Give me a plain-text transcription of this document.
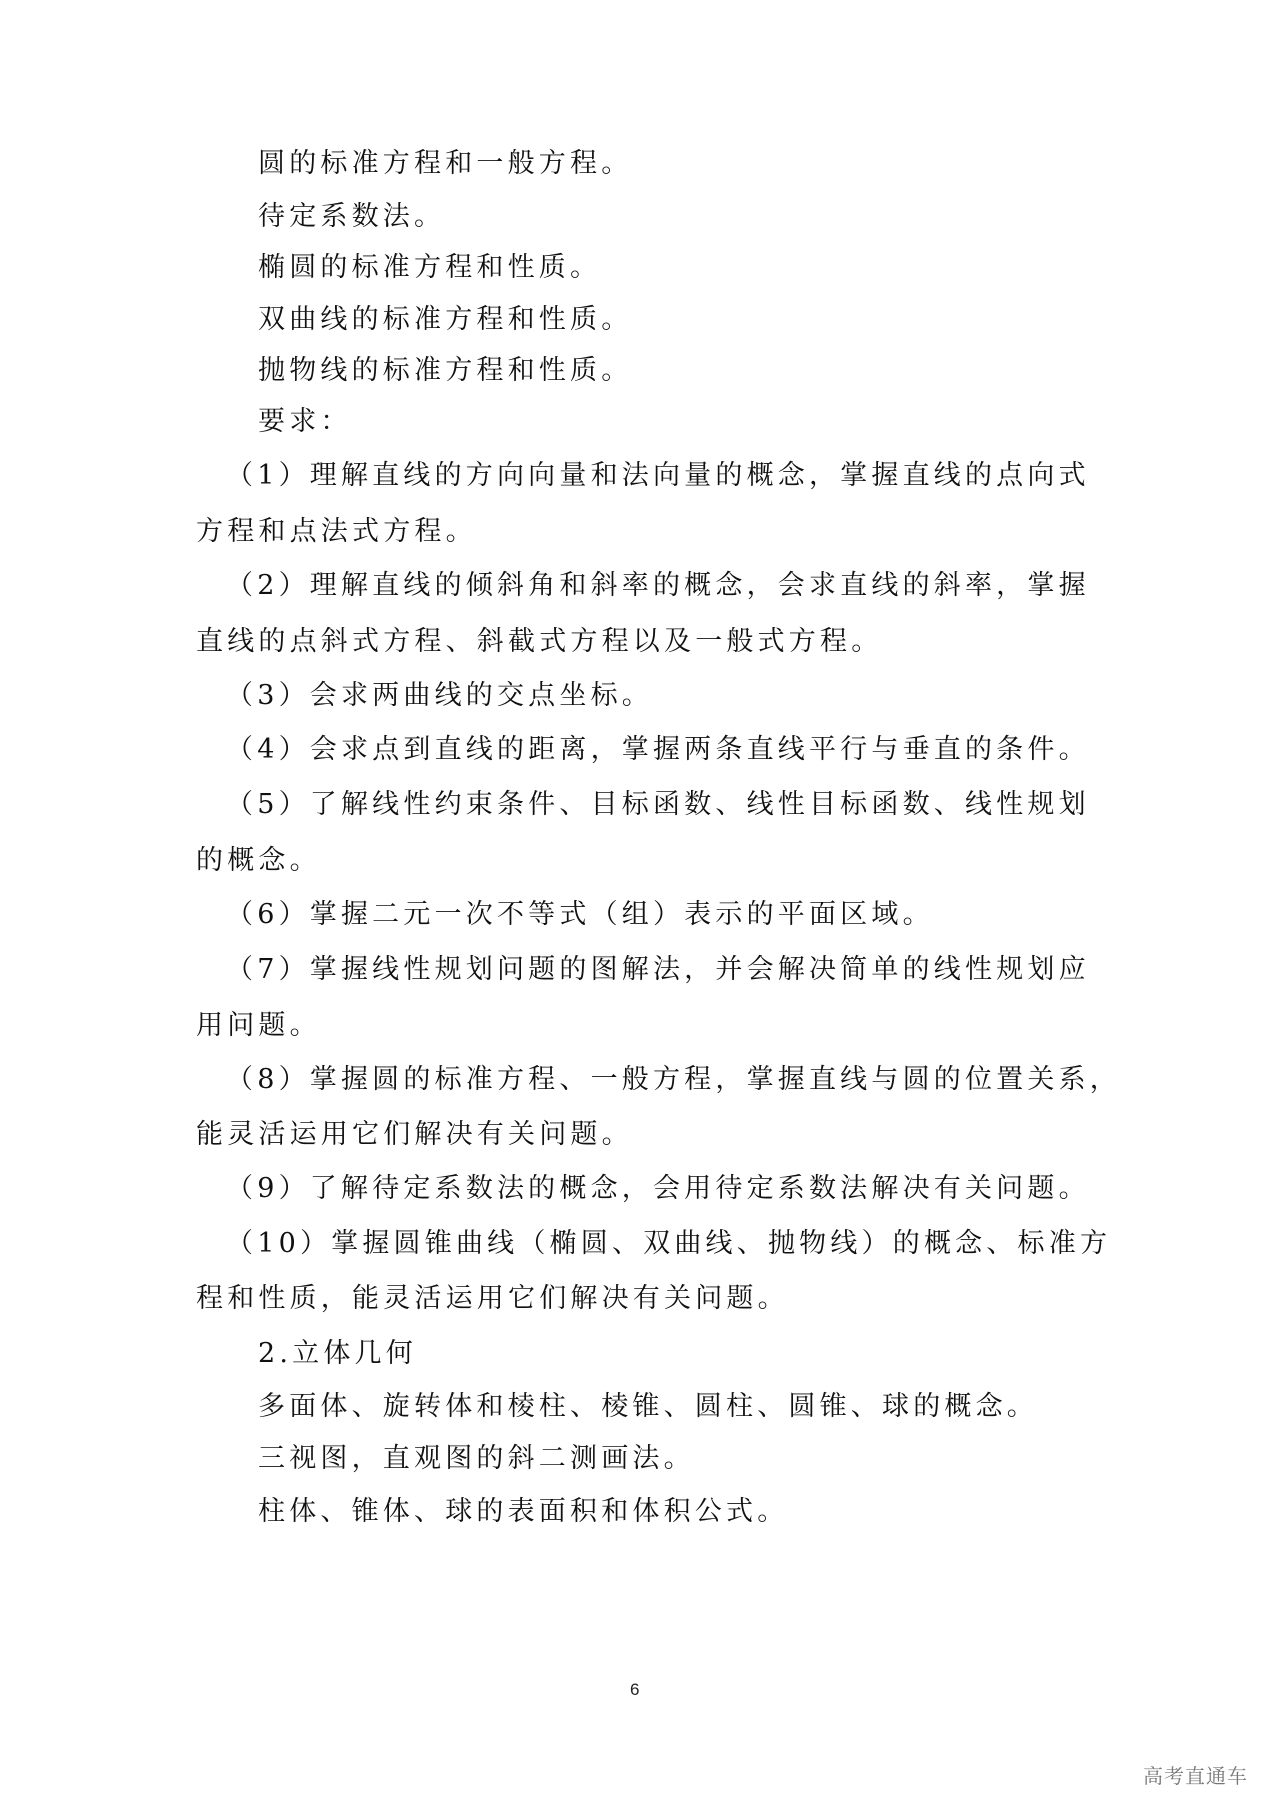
圆的标准方程和一般方程。
待定系数法。
椭圆的标准方程和性质。
双曲线的标准方程和性质。
抛物线的标准方程和性质。
要求：
（1）理解直线的方向向量和法向量的概念，掌握直线的点向式
方程和点法式方程。
（2）理解直线的倾斜角和斜率的概念，会求直线的斜率，掌握
直线的点斜式方程、斜截式方程以及一般式方程。
（3）会求两曲线的交点坐标。
（4）会求点到直线的距离，掌握两条直线平行与垂直的条件。
（5）了解线性约束条件、目标函数、线性目标函数、线性规划
的概念。
（6）掌握二元一次不等式（组）表示的平面区域。
（7）掌握线性规划问题的图解法，并会解决简单的线性规划应
用问题。
（8）掌握圆的标准方程、一般方程，掌握直线与圆的位置关系，
能灵活运用它们解决有关问题。
（9）了解待定系数法的概念，会用待定系数法解决有关问题。
（10）掌握圆锥曲线（椭圆、双曲线、抛物线）的概念、标准方
程和性质，能灵活运用它们解决有关问题。
2.立体几何
多面体、旋转体和棱柱、棱锥、圆柱、圆锥、球的概念。
三视图，直观图的斜二测画法。
柱体、锥体、球的表面积和体积公式。
6
高考直通车
